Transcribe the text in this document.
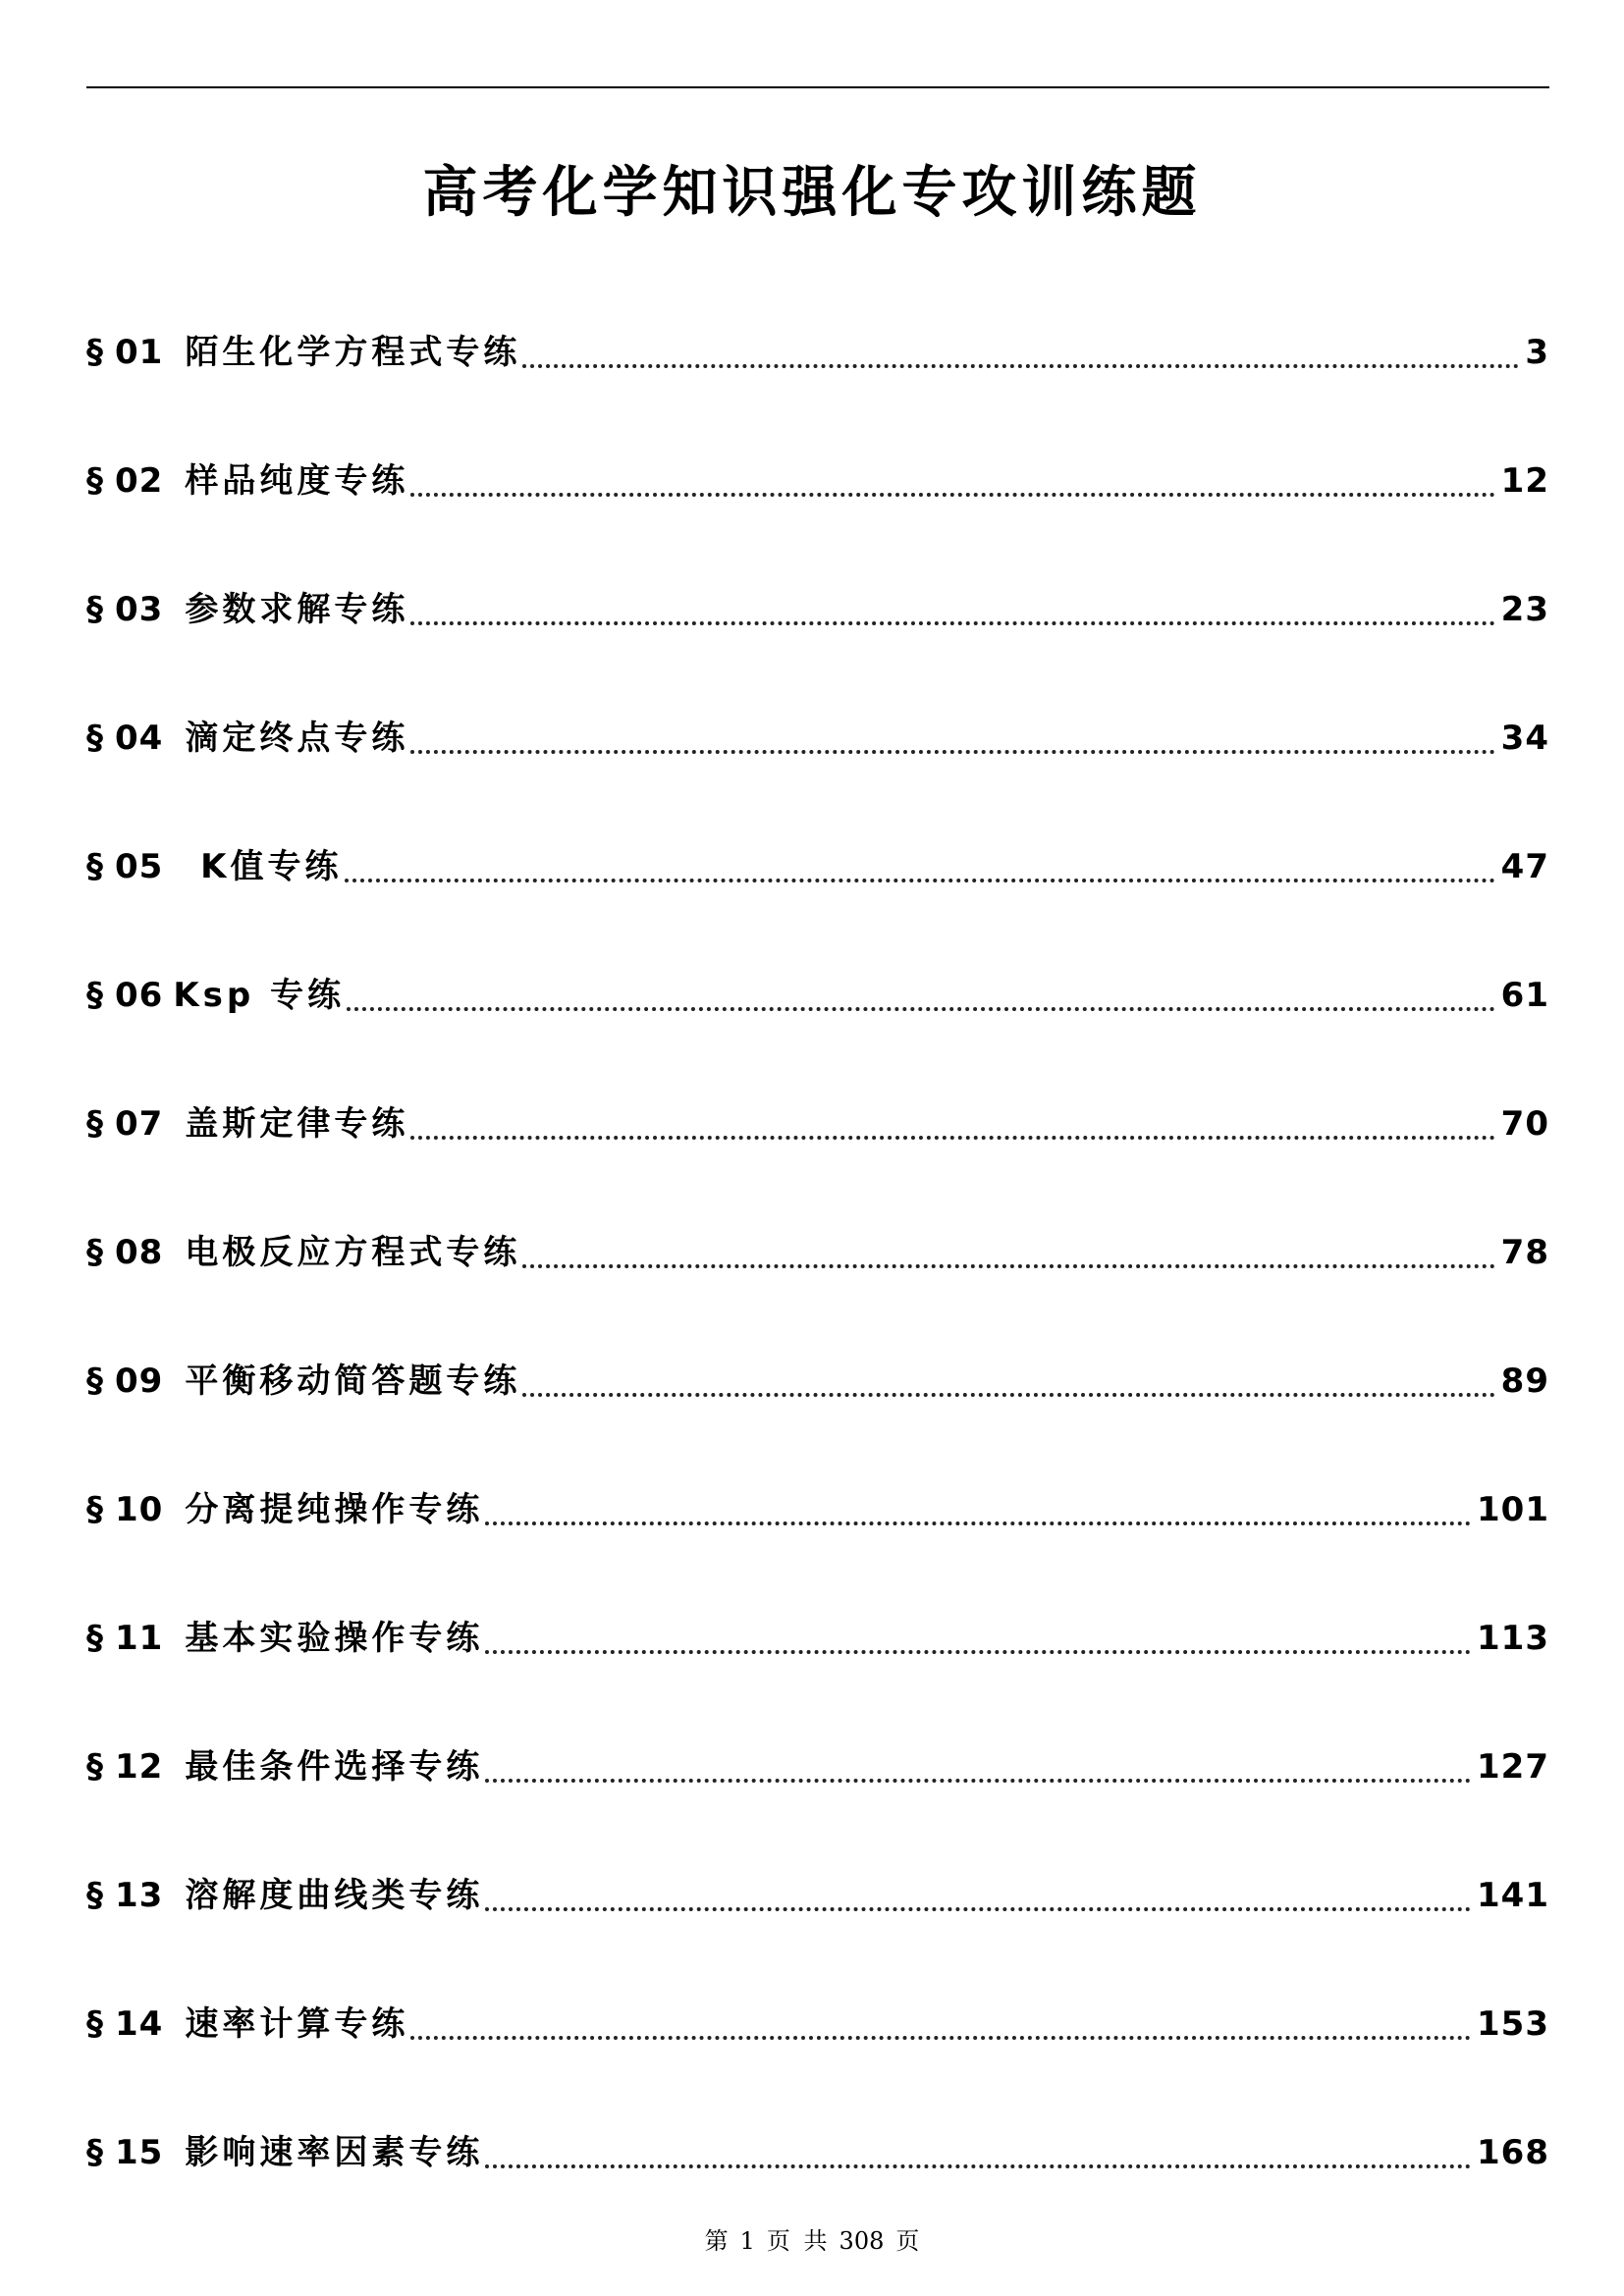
高考化学知识强化专攻训练题
§ 01 陌生化学方程式专练	3
§ 02 样品纯度专练	12
§ 03 参数求解专练	23
§ 04 滴定终点专练	34
§ 05 K值专练	47
§ 06 Ksp 专练	61
§ 07 盖斯定律专练	70
§ 08 电极反应方程式专练	78
§ 09 平衡移动简答题专练	89
§ 10 分离提纯操作专练	101
§ 11 基本实验操作专练	113
§ 12 最佳条件选择专练	127
§ 13 溶解度曲线类专练	141
§ 14 速率计算专练	153
§ 15 影响速率因素专练	168
第 1 页 共 308 页
